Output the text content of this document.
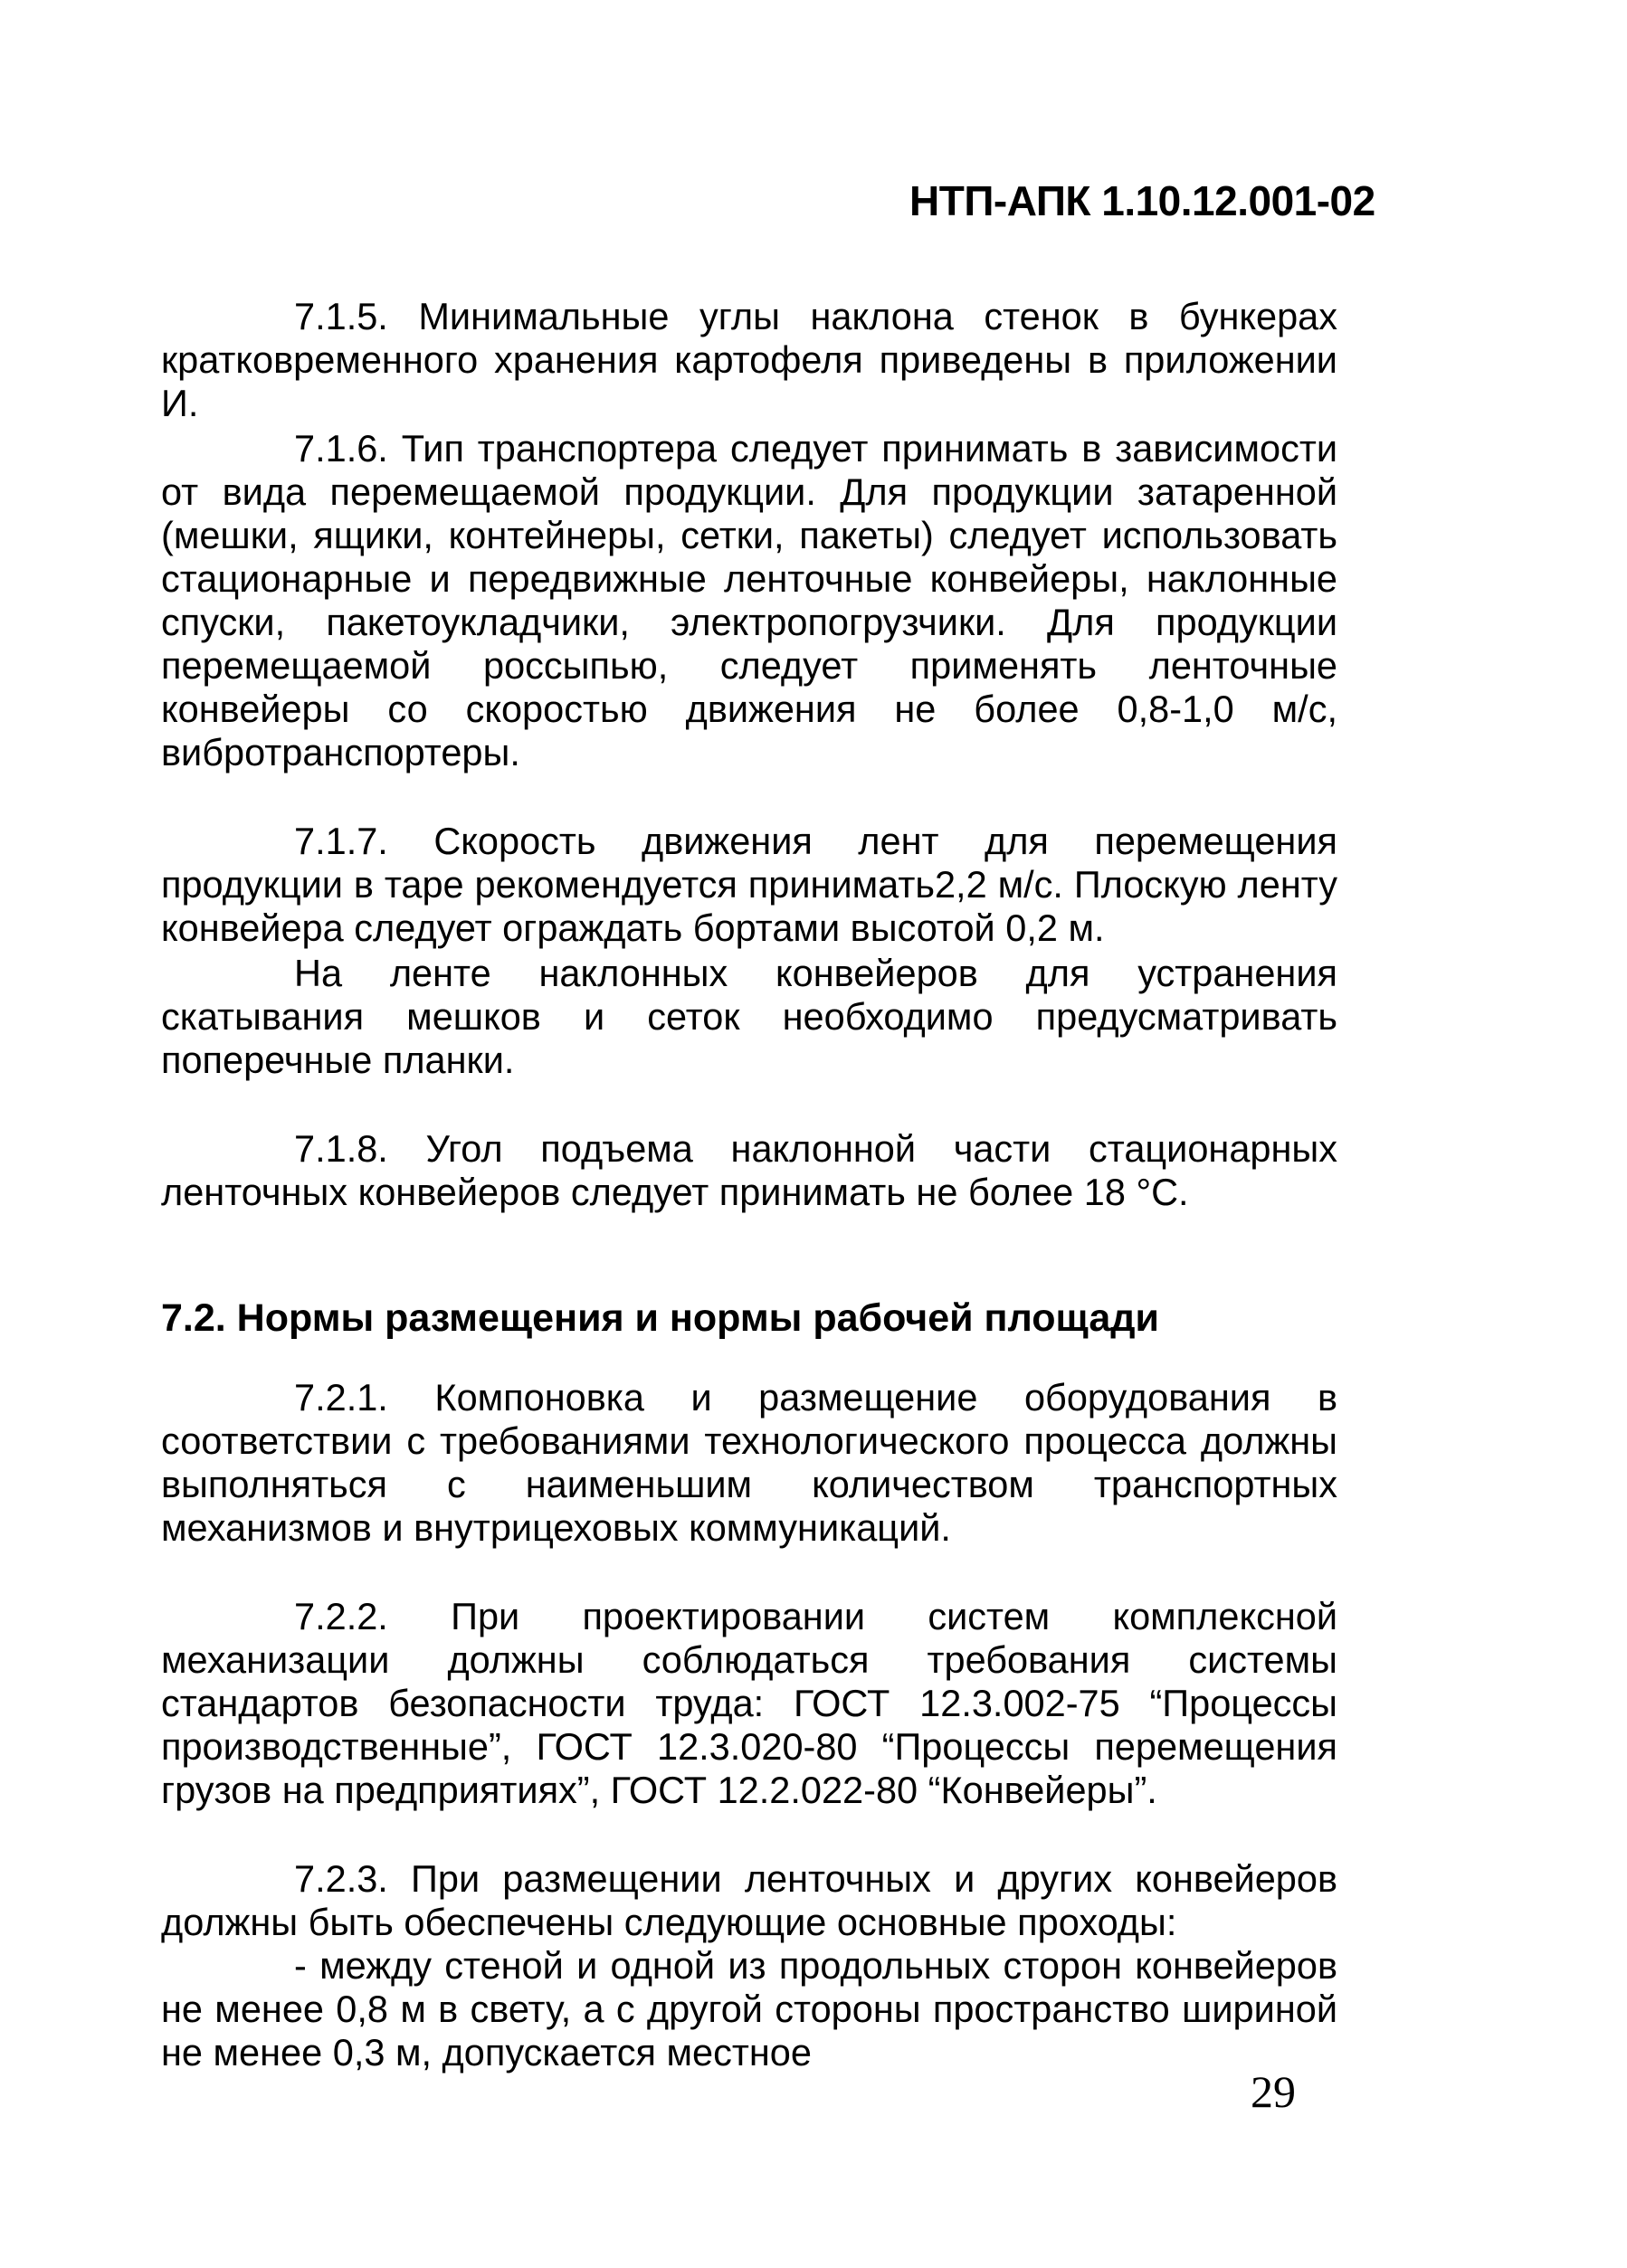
НТП-АПК 1.10.12.001-02

7.1.5. Минимальные углы наклона стенок в бункерах кратковременного хранения картофеля приведены в приложении И.

7.1.6. Тип транспортера следует принимать в зависимости от вида перемещаемой продукции. Для продукции затаренной (мешки, ящики, контейнеры, сетки, пакеты) следует использовать стационарные и передвижные ленточные конвейеры, наклонные спуски, пакетоукладчики, электропогрузчики. Для продукции перемещаемой россыпью, следует применять ленточные конвейеры со скоростью движения не более 0,8-1,0 м/с, вибротранспортеры.

7.1.7. Скорость движения лент для перемещения продукции в таре рекомендуется принимать2,2 м/с. Плоскую ленту конвейера следует ограждать бортами высотой 0,2 м.

На ленте наклонных конвейеров для устранения скатывания мешков и сеток необходимо предусматривать поперечные планки.

7.1.8. Угол подъема наклонной части стационарных ленточных конвейеров следует принимать не более 18 °С.

7.2. Нормы размещения и нормы рабочей площади

7.2.1. Компоновка и размещение оборудования в соответствии с требованиями технологического процесса должны выполняться с наименьшим количеством транспортных механизмов и внутрицеховых коммуникаций.

7.2.2. При проектировании систем комплексной механизации должны соблюдаться требования системы стандартов безопасности труда: ГОСТ 12.3.002-75 “Процессы производственные”, ГОСТ 12.3.020-80 “Процессы перемещения грузов на предприятиях”, ГОСТ 12.2.022-80 “Конвейеры”.

7.2.3. При размещении ленточных и других конвейеров должны быть обеспечены следующие основные проходы:

- между стеной и одной из продольных сторон конвейеров не менее 0,8 м в свету, а с другой стороны пространство шириной не менее 0,3 м, допускается местное

29
